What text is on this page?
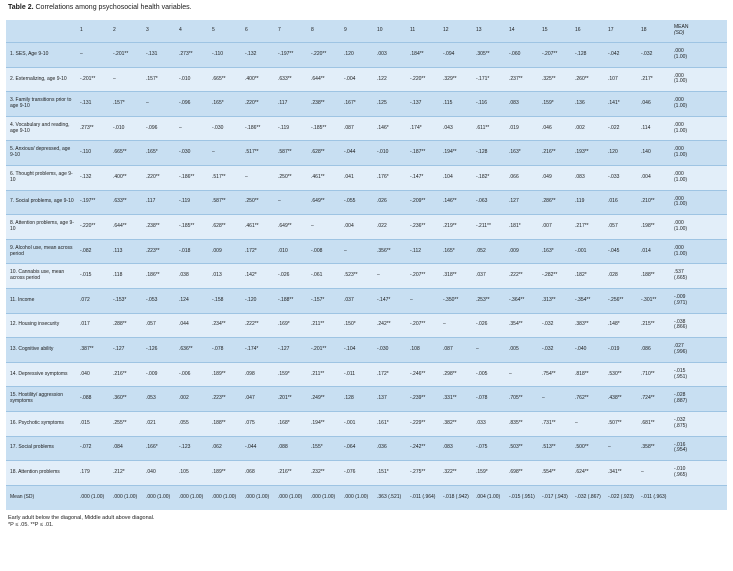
Table 2. Correlations among psychosocial health variables.
	1	2	3	4	5	6	7	8	9	10	11	12	13	14	15	16	17	18	MEAN
(SD)

1. SES, Age 9-10	–	-.201**	-.131	.273**	-.110	-.132	-.197**	-.220**	.120	.003	.184**	-.094	.305**	-.060	-.207**	-.128	-.042	-.032	.000
(1.00)

2. Externalizing, age 9-10	-.201**	–	.157*	-.010	.665**	.400**	.633**	.644**	-.004	.122	-.220**	.329**	-.171*	.237**	.325**	.260**	.107	.217*	.000
(1.00)

3. Family transitions prior to age 9-10	-.131	.157*	–	-.096	.165*	.220**	.117	.238**	.167*	.125	-.137	.115	-.116	.083	.159*	.136	.141*	.046	.000
(1.00)

4. Vocabulary and reading, age 9-10	.273**	-.010	-.096	–	-.030	-.186**	-.119	-.185**	.087	.146*	.174*	.043	.611**	.019	.046	.002	-.022	.114	.000
(1.00)

5. Anxious/ depressed, age 9-10	-.110	.665**	.165*	-.030	–	.517**	.587**	.628**	-.044	-.010	-.187**	.194**	-.128	.163*	.216**	.193**	.120	.140	.000
(1.00)

6. Thought problems, age 9-10	-.132	.400**	.220**	-.186**	.517**	–	.250**	.461**	.041	.176*	-.147*	.104	-.182*	.066	.049	.083	-.033	.004	.000
(1.00)

7. Social problems, age 9-10	-.197**	.633**	.117	-.119	.587**	.250**	–	.649**	-.055	.026	-.209**	.146**	-.063	.127	.286**	.119	.016	.210**	.000
(1.00)

8. Attention problems, age 9-10	-.220**	.644**	.238**	-.185**	.628**	.461**	.649**	–	.004	.022	-.236**	.219**	-.211**	.181*	.007	.217**	.057	.198**	.000
(1.00)

9. Alcohol use, mean across period	-.082	.113	.223**	-.018	.009	.172*	.010	-.008	–	.356**	-.112	.165*	.052	.009	.163*	-.001	-.045	.014	.000
(1.00)

10. Cannabis use, mean across period	-.015	.118	.186**	.038	.013	.142*	-.026	-.061	.523**	–	-.207**	.318**	.037	.222**	-.282**	.182*	.028	.188**	.537
(.665)

11. Income	.072	-.153*	-.053	.124	-.158	-.120	-.188**	-.157*	.037	-.147*	–	-.350**	.253**	-.364**	.313**	-.354**	-.256**	-.301**	-.009
(.971)

12. Housing insecurity	.017	.288**	.057	.044	.234**	.222**	.169*	.211**	.150*	.242**	-.207**	–	-.026	.354**	-.032	.383**	.148*	.215**	-.038
(.866)

13. Cognitive ability	.387**	-.127	-.126	.636**	-.078	-.174*	-.127	-.201**	-.104	-.030	.108	.087	–	.005	-.032	-.040	-.019	.086	.027
(.996)

14. Depressive symptoms	.040	.216**	-.009	-.006	.189**	.098	.159*	.211**	-.011	.172*	-.246**	.298**	-.005	–	.754**	.818**	.530**	.710**	-.015
(.951)

15. Hostility/ aggression symptoms	-.088	.360**	.053	.002	.223**	.047	.201**	.249**	.128	.137	-.239**	.331**	-.078	.705**	–	.762**	.438**	.724**	-.028
(.887)

16. Psychotic symptoms	.015	.255**	.021	.055	.188**	.075	.168*	.194**	-.001	.161*	-.229**	.382**	.033	.835**	.731**	–	.507**	.681**	-.032
(.875)

17. Social problems	-.072	.084	.166*	-.123	.062	-.044	.088	.155*	-.064	.036	-.242**	.083	-.075	.503**	.513**	.500**	–	.358**	-.016
(.954)

18. Attention problems	.179	.212*	.040	.105	.189**	.068	.216**	.232**	-.076	.151*	-.275**	.322**	.159*	.698**	.554**	.624**	.341**	–	-.010
(.965)

Mean (SD)	.000 (1.00)	.000 (1.00)	.000 (1.00)	.000 (1.00)	.000 (1.00)	.000 (1.00)	.000 (1.00)	.000 (1.00)	.000 (1.00)	.363 (.521)	-.011 (.964)	-.018 (.942)	.004 (1.00)	-.015 (.951)	-.017 (.943)	-.032 (.867)	-.022 (.923)	-.011 (.963)	
Early adult below the diagonal, Middle adult above diagonal.
*P ≤ .05. **P ≤ .01.
